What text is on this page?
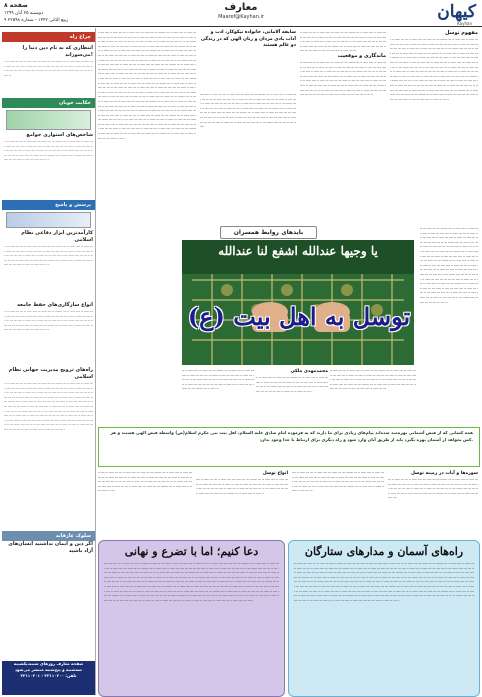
کیهان
Kayhan
معارف
Maaref@Kayhan.ir
صفحه ۸
دوشنبه ۲۵ آبان ۱۳۹۹
۹ ربیع الثانی ۱۴۴۲ - شماره ۲۲۵۹۸
چراغ راه
انتظاری که به نام دین دنیا را می‌سوزاند!
ـــ ـــــ ــ ــــ ـــــ ــ ـــ ـــــــ ـــ ـــ ـــــ ـــ ــــ ـــــ ــ ـــ ـــ ـــــ ــ ــــ ــــ ـــ ــــ ــ ـــــ ـــ ـــ ــــ ـــ ـــــ ــ ــــ ـــ ـــــ ــ ـــ ــــ ـــ ـــــ ـــ ــ ـــ ـــ ــــ ــــــ ـــ ــ ـــ ــــ ـــ ـــ ـــــ ــ ـــ ـــــ ــ ــــ ـــ ـــ ـــ ـــ ــــ
حکایت خوبان
شاخص‌های استواری جوامع
ـــ ـــــ ــ ــــ ـــــ ــ ـــ ـــــــ ـــ ـــ ـــــ ـــ ــــ ـــــ ــ ـــ ـــ ـــــ ــ ــــ ــــ ـــ ــــ ــ ـــــ ـــ ـــ ــــ ـــ ـــــ ــ ــــ ـــ ـــــ ــ ـــ ــــ ـــ ـــــ ـــ ــ ـــ ـــ ــــ ــــــ ـــ ــ ـــ ــــ ـــ ـــ ـــــ ــ ـــ ـــــ ــ ــــ ـــ ـــ ـــ ـــ ــــ ـــ ـــــ ــ ــــ ـــــ ــ ـــ ـــــــ ـــ ـــ ـــــ ـــ ــــ ـــــ ــ ـــ ـــ ـــــ ــ ــــ ــــ ـــ ــــ ــ ـــــ ـــ ـــ ــــ
پرسش و پاسخ
کارآمدترین ابزار دفاعی نظام اسلامی
ـــ ـــــ ــ ــــ ـــــ ــ ـــ ـــــــ ـــ ـــ ـــــ ـــ ــــ ـــــ ــ ـــ ـــ ـــــ ــ ــــ ــــ ـــ ــــ ــ ـــــ ـــ ـــ ــــ ـــ ـــــ ــ ــــ ـــ ـــــ ــ ـــ ــــ ـــ ـــــ ـــ ــ ـــ ـــ ــــ ــــــ ـــ ــ ـــ ــــ ـــ ـــ ـــــ ــ ـــ ـــــ ــ ــــ ـــ ـــ ـــ ـــ ــــ ـــ ـــــ ــ ــــ ـــــ ــ ـــ ـــــــ ـــ ـــ ـــــ ـــ ــــ ـــــ ــ ـــ ـــ ـــــ ــ ــــ ــــ ـــ ــــ ــ ـــــ ـــ ـــ ــــ
انواع سازگاری‌های حفظ جامعه
ـــ ـــــ ــ ــــ ـــــ ــ ـــ ـــــــ ـــ ـــ ـــــ ـــ ــــ ـــــ ــ ـــ ـــ ـــــ ــ ــــ ــــ ـــ ــــ ــ ـــــ ـــ ـــ ــــ ـــ ـــــ ــ ــــ ـــ ـــــ ــ ـــ ــــ ـــ ـــــ ـــ ــ ـــ ـــ ــــ ــــــ ـــ ــ ـــ ــــ ـــ ـــ ـــــ ــ ـــ ـــــ ــ ــــ ـــ ـــ ـــ ـــ ــــ ـــ ـــــ ــ ــــ ـــــ ــ ـــ ـــــــ ـــ ـــ ـــــ ـــ ــــ ـــــ ــ ـــ ـــ ـــــ ــ ــــ ــــ ـــ ــــ ــ ـــــ ـــ ـــ ــــ
راه‌های ترویج مدیریت جهانی نظام اسلامی
ـــ ـــــ ــ ــــ ـــــ ــ ـــ ـــــــ ـــ ـــ ـــــ ـــ ــــ ـــــ ــ ـــ ـــ ـــــ ــ ــــ ــــ ـــ ــــ ــ ـــــ ـــ ـــ ــــ ـــ ـــــ ــ ــــ ـــ ـــــ ــ ـــ ــــ ـــ ـــــ ـــ ــ ـــ ـــ ــــ ــــــ ـــ ــ ـــ ــــ ـــ ـــ ـــــ ــ ـــ ـــــ ــ ــــ ـــ ـــ ـــ ـــ ــــ ـــ ـــــ ــ ــــ ـــــ ــ ـــ ـــــــ ـــ ـــ ـــــ ـــ ــــ ـــــ ــ ـــ ـــ ـــــ ــ ــــ ــــ ـــ ــــ ــ ـــــ ـــ ـــ ــــ ـــ ـــــ ــ ــــ ـــــ ــ ـــ ـــــــ ـــ ـــ ـــــ ـــ ــــ ـــــ ــ ـــ ـــ ـــــ ــ ــــ ــــ ـــ ــــ ــ ـــــ ـــ ـــ ــــ ـــ ـــــ ــ ــــ ـــ ـــــ ــ ـــ ــــ ـــ ـــــ ـــ ــ ـــ ـــ ــــ ــــــ ـــ ــ ـــ ــــ ـــ ـــ ـــــ ــ ـــ ـــــ ــ ــــ ـــ ـــ ـــ ـــ ــــ ـــ ـــــ ــ ــــ ـــــ ــ ـــ ـــــــ ـــ ـــ ـــــ ـــ ــــ ـــــ ــ ـــ ـــ ـــــ ــ ــــ ــــ ـــ ــــ ــ ـــــ ـــ ـــ ــــ ـــ ـــــ ــ ــــ ـــ ـــــ ــ ـــ ــــ ـــ ـــــ ـــ ــ ـــ ـــ ــــ ــــــ ـــ ــ ـــ ــــ ـــ ـــ ـــــ ــ ـــ ـــــ ــ ــــ ـــ ـــ ـــ ـــ ــــ
سلوک عارفانه
اگر دین و ایمان نداشتید انسان‌های آزاد باشید
صفحه معارف روزهای شنبه،یکشنبه
سه‌شنبه و پنج‌شنبه منتشر می‌شود
تلفن: ۳۳۱۱۰۲۰۰ - ۳۳۱۱۰۲۰۱
مفهوم توسل
ـــ ـــــ ــ ــــ ـــــ ــ ـــ ـــــــ ـــ ـــ ـــــ ـــ ــــ ـــــ ــ ـــ ـــ ـــــ ــ ــــ ــــ ـــ ــــ ــ ـــــ ـــ ـــ ــــ ـــ ـــــ ــ ــــ ـــ ـــــ ــ ـــ ــــ ـــ ـــــ ـــ ــ ـــ ـــ ــــ ــــــ ـــ ــ ـــ ــــ ـــ ـــ ـــــ ــ ـــ ـــــ ــ ــــ ـــ ـــ ـــ ـــ ــــ ـــ ـــــ ــ ــــ ـــــ ــ ـــ ـــــــ ـــ ـــ ـــــ ـــ ــــ ـــــ ــ ـــ ـــ ـــــ ــ ــــ ــــ ـــ ــــ ــ ـــــ ـــ ـــ ــــ ـــ ـــــ ــ ــــ ـــــ ــ ـــ ـــــــ ـــ ـــ ـــــ ـــ ــــ ـــــ ــ ـــ ـــ ـــــ ــ ــــ ــــ ـــ ــــ ــ ـــــ ـــ ـــ ــــ ـــ ـــــ ــ ــــ ـــ ـــــ ــ ـــ ــــ ـــ ـــــ ـــ ــ ـــ ـــ ــــ ــــــ ـــ ــ ـــ ــــ ـــ ـــ ـــــ ــ ـــ ـــــ ــ ــــ ـــ ـــ ـــ ـــ ــــ ـــ ـــــ ــ ــــ ـــــ ــ ـــ ـــــــ ـــ ـــ ـــــ ـــ ــــ ـــــ ــ ـــ ـــ ـــــ ــ ــــ ــــ ـــ ــــ ــ ـــــ ـــ ـــ ــــ ـــ ـــــ ــ ــــ ـــ ـــــ ــ ـــ ــــ ـــ ـــــ ـــ ــ ـــ ـــ ــــ ــــــ ـــ ــ ـــ ــــ ـــ ـــ ـــــ ــ ـــ ـــــ ــ ــــ ـــ ـــ ـــ ـــ ــــ ـــ ـــــ ــ ــــ ـــــ ــ ـــ ـــــــ ـــ ـــ ـــــ ـــ ــــ ـــــ ــ ـــ ـــ ـــــ ــ ــــ ــــ ـــ ــــ ــ ـــــ ـــ ـــ ــــ ـــ ـــــ ــ ــــ ـــــ ــ ـــ ـــــــ ـــ ـــ ـــــ ـــ ــــ ـــــ ــ ـــ ـــ ـــــ ــ ــــ ــــ ـــ ــــ ــ ـــــ ـــ ـــ ــــ
ـــ ـــــ ــ ــــ ـــــ ــ ـــ ـــــــ ـــ ـــ ـــــ ـــ ــــ ـــــ ــ ـــ ـــ ـــــ ــ ــــ ــــ ـــ ــــ ــ ـــــ ـــ ـــ ــــ ـــ ـــــ ــ ــــ ـــ ـــــ ــ ـــ ــــ ـــ ـــــ ـــ ــ ـــ ـــ ــــ ــــــ ـــ ــ ـــ ــــ ـــ ـــ ـــــ ــ ـــ ـــــ ــ ــــ ـــ ـــ ـــ ـــ ــــ ـــ ـــــ ــ ــــ ـــــ ــ ـــ ـــــــ ـــ ـــ ـــــ ـــ ــــ ـــــ ــ ـــ ـــ ـــــ ــ ــــ ــــ ـــ ــــ ــ ـــــ ـــ ـــ ــــ
ماندگاری و موقعیت
ـــ ـــــ ــ ــــ ـــــ ــ ـــ ـــــــ ـــ ـــ ـــــ ـــ ــــ ـــــ ــ ـــ ـــ ـــــ ــ ــــ ــــ ـــ ــــ ــ ـــــ ـــ ـــ ــــ ـــ ـــــ ــ ــــ ـــ ـــــ ــ ـــ ــــ ـــ ـــــ ـــ ــ ـــ ـــ ــــ ــــــ ـــ ــ ـــ ــــ ـــ ـــ ـــــ ــ ـــ ـــــ ــ ــــ ـــ ـــ ـــ ـــ ــــ ـــ ـــــ ــ ــــ ـــــ ــ ـــ ـــــــ ـــ ـــ ـــــ ـــ ــــ ـــــ ــ ـــ ـــ ـــــ ــ ــــ ــــ ـــ ــــ ــ ـــــ ـــ ـــ ــــ ـــ ـــــ ــ ــــ ـــــ ــ ـــ ـــــــ ـــ ـــ ـــــ ـــ ــــ ـــــ ــ ـــ ـــ ـــــ ــ ــــ ــــ ـــ ــــ ــ ـــــ ـــ ـــ ــــ ـــ ـــــ ــ ــــ ـــ ـــــ ــ ـــ ــــ ـــ ـــــ ـــ ــ ـــ ـــ ــــ ــــــ ـــ ــ ـــ ــــ ـــ ـــ ـــــ ــ ـــ ـــــ ــ ــــ ـــ ـــ ـــ ـــ ــــ
سابقه آلامانی، خانواده نیکوکار، ادب و آداب یادی مردان و زنان الهی که در زندگی دو عالم هستند
ـــ ـــــ ــ ــــ ـــــ ــ ـــ ـــــــ ـــ ـــ ـــــ ـــ ــــ ـــــ ــ ـــ ـــ ـــــ ــ ــــ ــــ ـــ ــــ ــ ـــــ ـــ ـــ ــــ ـــ ـــــ ــ ــــ ـــ ـــــ ــ ـــ ــــ ـــ ـــــ ـــ ــ ـــ ـــ ــــ ــــــ ـــ ــ ـــ ــــ ـــ ـــ ـــــ ــ ـــ ـــــ ــ ــــ ـــ ـــ ـــ ـــ ــــ ـــ ـــــ ــ ــــ ـــــ ــ ـــ ـــــــ ـــ ـــ ـــــ ـــ ــــ ـــــ ــ ـــ ـــ ـــــ ــ ــــ ــــ ـــ ــــ ــ ـــــ ـــ ـــ ــــ ـــ ـــــ ــ ــــ ـــــ ــ ـــ ـــــــ ـــ ـــ ـــــ ـــ ــــ ـــــ ــ ـــ ـــ ـــــ ــ ــــ ــــ ـــ ــــ ــ ـــــ ـــ ـــ ــــ ـــ ـــــ ــ ــــ ـــ ـــــ ــ ـــ ــــ ـــ ـــــ ـــ ــ ـــ ـــ ــــ ــــــ ـــ ــ ـــ ــــ ـــ ـــ ـــــ ــ ـــ ـــــ ــ ــــ ـــ ـــ ـــ ـــ ــــ
ـــ ـــــ ــ ــــ ـــــ ــ ـــ ـــــــ ـــ ـــ ـــــ ـــ ــــ ـــــ ــ ـــ ـــ ـــــ ــ ــــ ــــ ـــ ــــ ــ ـــــ ـــ ـــ ــــ ـــ ـــــ ــ ــــ ـــ ـــــ ــ ـــ ــــ ـــ ـــــ ـــ ــ ـــ ـــ ــــ ــــــ ـــ ــ ـــ ــــ ـــ ـــ ـــــ ــ ـــ ـــــ ــ ــــ ـــ ـــ ـــ ـــ ــــ ـــ ـــــ ــ ــــ ـــــ ــ ـــ ـــــــ ـــ ـــ ـــــ ـــ ــــ ـــــ ــ ـــ ـــ ـــــ ــ ــــ ــــ ـــ ــــ ــ ـــــ ـــ ـــ ــــ ـــ ـــــ ــ ــــ ـــــ ــ ـــ ـــــــ ـــ ـــ ـــــ ـــ ــــ ـــــ ــ ـــ ـــ ـــــ ــ ــــ ــــ ـــ ــــ ــ ـــــ ـــ ـــ ــــ ـــ ـــــ ــ ــــ ـــ ـــــ ــ ـــ ــــ ـــ ـــــ ـــ ــ ـــ ـــ ــــ ــــــ ـــ ــ ـــ ــــ ـــ ـــ ـــــ ــ ـــ ـــــ ــ ــــ ـــ ـــ ـــ ـــ ــــ ـــ ـــــ ــ ــــ ـــــ ــ ـــ ـــــــ ـــ ـــ ـــــ ـــ ــــ ـــــ ــ ـــ ـــ ـــــ ــ ــــ ــــ ـــ ــــ ــ ـــــ ـــ ـــ ــــ ـــ ـــــ ــ ــــ ـــ ـــــ ــ ـــ ــــ ـــ ـــــ ـــ ــ ـــ ـــ ــــ ــــــ ـــ ــ ـــ ــــ ـــ ـــ ـــــ ــ ـــ ـــــ ــ ــــ ـــ ـــ ـــ ـــ ــــ ـــ ـــــ ــ ــــ ـــــ ــ ـــ ـــــــ ـــ ـــ ـــــ ـــ ــــ ـــــ ــ ـــ ـــ ـــــ ــ ــــ ــــ ـــ ــــ ــ ـــــ ـــ ـــ ــــ ـــ ـــــ ــ ــــ ـــــ ــ ـــ ـــــــ ـــ ـــ ـــــ ـــ ــــ ـــــ ــ ـــ ـــ ـــــ ــ ــــ ــــ ـــ ــــ ــ ـــــ ـــ ـــ ــــ ـــ ـــــ ــ ــــ ـــ ـــــ ــ ـــ ــــ ـــ ـــــ ـــ ــ ـــ ـــ ــــ ــــــ ـــ ــ ـــ ــــ ـــ ـــ ـــــ ــ ـــ ـــــ ــ ــــ ـــ ـــ ـــ ـــ ــــ ـــ ـــــ ــ ــــ ـــــ ــ ـــ ـــــــ ـــ ـــ ـــــ ـــ ــــ ـــــ ــ ـــ ـــ ـــــ ــ ــــ ــــ ـــ ــــ ــ ـــــ ـــ ـــ ــــ ـــ ـــــ ــ ــــ ـــــ ــ ـــ ـــــــ ـــ ـــ ـــــ ـــ ــــ ـــــ ــ ـــ ـــ ـــــ ــ ــــ ــــ ـــ ــــ ــ ـــــ ـــ ـــ ــــ ـــ ـــــ ــ ــــ ـــ ـــــ ــ ـــ ــــ ـــ ـــــ ـــ ــ ـــ ـــ ــــ ــــــ ـــ ــ ـــ ــــ ـــ ـــ ـــــ ــ ـــ ـــــ ــ ــــ ـــ ـــ ـــ ـــ ــــ ـــ ـــــ ــ ــــ ـــــ ــ ـــ ـــــــ ـــ ـــ ـــــ ـــ ــــ ـــــ ــ ـــ ـــ ـــــ ــ ــــ ــــ ـــ ــــ ــ ـــــ ـــ ـــ ــــ ـــ ـــــ ــ ــــ ـــ ـــــ ــ ـــ ــــ ـــ ـــــ ـــ ــ ـــ ـــ ــــ ــــــ ـــ ــ ـــ ــــ ـــ ـــ ـــــ ــ ـــ ـــــ ــ ــــ ـــ ـــ ـــ ـــ ــــ ـــ ـــــ ــ ــــ ـــــ ــ ـــ ـــــــ ـــ ـــ ـــــ ـــ ــــ ـــــ ــ ـــ ـــ ـــــ ــ ــــ ــــ ـــ ــــ ــ ـــــ ـــ ـــ ــــ ـــ ـــــ ــ ــــ ـــــ ــ ـــ ـــــــ ـــ ـــ ـــــ ـــ ــــ ـــــ ــ ـــ ـــ ـــــ ــ ــــ ــــ ـــ ــــ ــ ـــــ ـــ ـــ ــــ
ـــ ـــــ ــ ــــ ـــــ ــ ـــ ـــــــ ـــ ـــ ـــــ ـــ ــــ ـــــ ــ ـــ ـــ ـــــ ــ ــــ ــــ ـــ ــــ ــ ـــــ ـــ ـــ ــــ ـــ ـــــ ــ ــــ ـــ ـــــ ــ ـــ ــــ ـــ ـــــ ـــ ــ ـــ ـــ ــــ ــــــ ـــ ــ ـــ ــــ ـــ ـــ ـــــ ــ ـــ ـــــ ــ ــــ ـــ ـــ ـــ ـــ ــــ ـــ ـــــ ــ ــــ ـــــ ــ ـــ ـــــــ ـــ ـــ ـــــ ـــ ــــ ـــــ ــ ـــ ـــ ـــــ ــ ــــ ــــ ـــ ــــ ــ ـــــ ـــ ـــ ــــ ـــ ـــــ ــ ــــ ـــــ ــ ـــ ـــــــ ـــ ـــ ـــــ ـــ ــــ ـــــ ــ ـــ ـــ ـــــ ــ ــــ ــــ ـــ ــــ ــ ـــــ ـــ ـــ ــــ ـــ ـــــ ــ ــــ ـــ ـــــ ــ ـــ ــــ ـــ ـــــ ـــ ــ ـــ ـــ ــــ ــــــ ـــ ــ ـــ ــــ ـــ ـــ ـــــ ــ ـــ ـــــ ــ ــــ ـــ ـــ ـــ ـــ ــــ ـــ ـــــ ــ ــــ ـــــ ــ ـــ ـــــــ ـــ ـــ ـــــ ـــ ــــ ـــــ ــ ـــ ـــ ـــــ ــ ــــ ــــ ـــ ــــ ــ ـــــ ـــ ـــ ــــ ـــ ـــــ ــ ــــ ـــ ـــــ ــ ـــ ــــ ـــ ـــــ ـــ ــ ـــ ـــ ــــ ــــــ ـــ ــ ـــ ــــ ـــ ـــ ـــــ ــ ـــ ـــــ ــ ــــ ـــ ـــ ـــ ـــ ــــ
بایدهای روابط همسران
یا وجیها عندالله اشفع لنا عندالله
توسل به اهل بیت (ع)
ـــ ـــــ ــ ــــ ـــــ ــ ـــ ـــــــ ـــ ـــ ـــــ ـــ ــــ ـــــ ــ ـــ ـــ ـــــ ــ ــــ ــــ ـــ ــــ ــ ـــــ ـــ ـــ ــــ ـــ ـــــ ــ ــــ ـــ ـــــ ــ ـــ ــــ ـــ ـــــ ـــ ــ ـــ ـــ ــــ ــــــ ـــ ــ ـــ ــــ ـــ ـــ ـــــ ــ ـــ ـــــ ــ ــــ ـــ ـــ ـــ ـــ ــــ ـــ ـــــ ــ ــــ ـــــ ــ ـــ ـــــــ ـــ ـــ ـــــ ـــ ــــ ـــــ ــ ـــ ـــ ـــــ ــ ــــ ــــ ـــ ــــ ــ ـــــ ـــ ـــ ــــ
محمدمهدی ملکی
ـــ ـــــ ــ ــــ ـــــ ــ ـــ ـــــــ ـــ ـــ ـــــ ـــ ــــ ـــــ ــ ـــ ـــ ـــــ ــ ــــ ــــ ـــ ــــ ــ ـــــ ـــ ـــ ــــ ـــ ـــــ ــ ــــ ـــ ـــــ ــ ـــ ــــ ـــ ـــــ ـــ ــ ـــ ـــ ــــ ــــــ ـــ ــ ـــ ــــ ـــ ـــ ـــــ ــ ـــ ـــــ ــ ــــ ـــ ـــ ـــ ـــ ــــ
ـــ ـــــ ــ ــــ ـــــ ــ ـــ ـــــــ ـــ ـــ ـــــ ـــ ــــ ـــــ ــ ـــ ـــ ـــــ ــ ــــ ــــ ـــ ــــ ــ ـــــ ـــ ـــ ــــ ـــ ـــــ ــ ــــ ـــ ـــــ ــ ـــ ــــ ـــ ـــــ ـــ ــ ـــ ـــ ــــ ــــــ ـــ ــ ـــ ــــ ـــ ـــ ـــــ ــ ـــ ـــــ ــ ــــ ـــ ـــ ـــ ـــ ــــ ـــ ـــــ ــ ــــ ـــــ ــ ـــ ـــــــ ـــ ـــ ـــــ
همه کسانی که از فیض آسمانی بهره‌مند شده‌اند پیام‌های زیادی برای ما دارند که به فرموده امام صادق علیه السلام، اهل بیت نبی مکرم اسلام(ص) واسطه فیض الهی هستند و هر کس بخواهد از آسمان بهره بگیرد باید از طریق آنان وارد شود و راه دیگری برای ارتباط با خدا وجود ندارد.
سوره‌ها و آیات در زمینه توسل
ـــ ـــــ ــ ــــ ـــــ ــ ـــ ـــــــ ـــ ـــ ـــــ ـــ ــــ ـــــ ــ ـــ ـــ ـــــ ــ ــــ ــــ ـــ ــــ ــ ـــــ ـــ ـــ ــــ ـــ ـــــ ــ ــــ ـــ ـــــ ــ ـــ ــــ ـــ ـــــ ـــ ــ ـــ ـــ ــــ ــــــ ـــ ــ ـــ ــــ ـــ ـــ ـــــ ــ ـــ ـــــ ــ ــــ ـــ ـــ ـــ ـــ ــــ ـــ ـــــ ــ ــــ ـــــ ــ ـــ ـــــــ ـــ ـــ ـــــ ـــ ــــ ـــــ ــ ـــ ـــ ـــــ ــ ــــ ــــ
ـــ ـــــ ــ ــــ ـــــ ــ ـــ ـــــــ ـــ ـــ ـــــ ـــ ــــ ـــــ ــ ـــ ـــ ـــــ ــ ــــ ــــ ـــ ــــ ــ ـــــ ـــ ـــ ــــ ـــ ـــــ ــ ــــ ـــ ـــــ ــ ـــ ــــ ـــ ـــــ ـــ ــ ـــ ـــ ــــ ــــــ ـــ ــ ـــ ــــ ـــ ـــ ـــــ ــ ـــ ـــــ ــ ــــ ـــ ـــ ـــ ـــ ــــ ـــ ـــــ ــ ــــ ـــــ ــ ـــ ـــــــ ـــ ـــ ـــــ ـــ ــــ ـــــ ــ ـــ ـــ ـــــ ــ ــــ ــــ ـــ ــــ ــ ـــــ
انواع توسل
ـــ ـــــ ــ ــــ ـــــ ــ ـــ ـــــــ ـــ ـــ ـــــ ـــ ــــ ـــــ ــ ـــ ـــ ـــــ ــ ــــ ــــ ـــ ــــ ــ ـــــ ـــ ـــ ــــ ـــ ـــــ ــ ــــ ـــ ـــــ ــ ـــ ــــ ـــ ـــــ ـــ ــ ـــ ـــ ــــ ــــــ ـــ ــ ـــ ــــ ـــ ـــ ـــــ ــ ـــ ـــــ ــ ــــ ـــ ـــ ـــ ـــ ــــ ـــ ـــــ ــ ــــ ـــــ ــ ـــ ـــــــ ـــ ـــ ـــــ ـــ ــــ ـــــ ــ
ـــ ـــــ ــ ــــ ـــــ ــ ـــ ـــــــ ـــ ـــ ـــــ ـــ ــــ ـــــ ــ ـــ ـــ ـــــ ــ ــــ ــــ ـــ ــــ ــ ـــــ ـــ ـــ ــــ ـــ ـــــ ــ ــــ ـــ ـــــ ــ ـــ ــــ ـــ ـــــ ـــ ــ ـــ ـــ ــــ ــــــ ـــ ــ ـــ ــــ ـــ ـــ ـــــ ــ ـــ ـــــ ــ ــــ ـــ ـــ ـــ ـــ ــــ ـــ ـــــ ــ ــــ ـــــ ــ ـــ ـــــــ ـــ ـــ ـــــ ـــ ــــ ـــــ ــ ـــ ـــ ـــــ ــ ــــ ــــ ـــ ــــ ــ ـــــ ـــ
دعا کنیم؛ اما با تضرع و نهانی
ـــ ـــــ ــ ــــ ـــــ ــ ـــ ـــــــ ـــ ـــ ـــــ ـــ ــــ ـــــ ــ ـــ ـــ ـــــ ــ ــــ ــــ ـــ ــــ ــ ـــــ ـــ ـــ ــــ ـــ ـــــ ــ ــــ ـــ ـــــ ــ ـــ ــــ ـــ ـــــ ـــ ــ ـــ ـــ ــــ ــــــ ـــ ــ ـــ ــــ ـــ ـــ ـــــ ــ ـــ ـــــ ــ ــــ ـــ ـــ ـــ ـــ ــــ ـــ ـــــ ــ ــــ ـــــ ــ ـــ ـــــــ ـــ ـــ ـــــ ـــ ــــ ـــــ ــ ـــ ـــ ـــــ ــ ــــ ــــ ـــ ــــ ــ ـــــ ـــ ـــ ــــ ـــ ـــــ ــ ــــ ـــــ ــ ـــ ـــــــ ـــ ـــ ـــــ ـــ ــــ ـــــ ــ ـــ ـــ ـــــ ــ ــــ ــــ ـــ ــــ ــ ـــــ ـــ ـــ ــــ ـــ ـــــ ــ ــــ ـــ ـــــ ــ ـــ ــــ ـــ ـــــ ـــ ــ ـــ ـــ ــــ ــــــ ـــ ــ ـــ ــــ ـــ ـــ ـــــ ــ ـــ ـــــ ــ ــــ ـــ ـــ ـــ ـــ ــــ ـــ ـــــ ــ ــــ ـــــ ــ ـــ ـــــــ ـــ ـــ ـــــ ـــ ــــ ـــــ ــ ـــ ـــ ـــــ ــ ــــ ــــ ـــ ــــ ــ ـــــ ـــ ـــ ــــ ـــ ـــــ ــ ــــ ـــ ـــــ ــ ـــ ــــ ـــ ـــــ ـــ ــ ـــ ـــ ــــ ــــــ ـــ ــ ـــ ــــ ـــ ـــ ـــــ ــ ـــ ـــــ ــ ــــ ـــ ـــ ـــ ـــ ــــ ـــ ـــــ ــ ــــ ـــــ ــ ـــ ـــــــ ـــ ـــ ـــــ ـــ ــــ ـــــ ــ ـــ ـــ ـــــ ــ ــــ ــــ ـــ ــــ ــ ـــــ ـــ ـــ ــــ ـــ ـــــ ــ ــــ ـــــ ــ ـــ ـــــــ ـــ ـــ ـــــ ـــ ــــ ـــــ ــ ـــ ـــ ـــــ ــ ــــ ــــ ـــ ــــ ــ ـــــ ـــ ـــ ــــ ـــ ـــــ ــ ــــ ـــ ـــــ ــ ـــ ــــ ـــ ـــــ ـــ ــ ـــ ـــ ــــ ــــــ ـــ ــ ـــ ــــ ـــ ـــ ـــــ ــ ـــ ـــــ ــ ــــ ـــ ـــ ـــ ـــ ــــ ـــ ـــــ ــ ــــ ـــــ ــ ـــ ـــــــ ـــ ـــ ـــــ ـــ ــــ ـــــ ــ ـــ ـــ ـــــ ــ ــــ ــــ ـــ ــــ ــ ـــــ ـــ ـــ ــــ ـــ ـــــ ــ ــــ ـــ ـــــ ــ ـــ ــــ ـــ ـــــ ـــ ــ ـــ ـــ ــــ
راه‌های آسمان و مدارهای ستارگان
ـــ ـــــ ــ ــــ ـــــ ــ ـــ ـــــــ ـــ ـــ ـــــ ـــ ــــ ـــــ ــ ـــ ـــ ـــــ ــ ــــ ــــ ـــ ــــ ــ ـــــ ـــ ـــ ــــ ـــ ـــــ ــ ــــ ـــ ـــــ ــ ـــ ــــ ـــ ـــــ ـــ ــ ـــ ـــ ــــ ــــــ ـــ ــ ـــ ــــ ـــ ـــ ـــــ ــ ـــ ـــــ ــ ــــ ـــ ـــ ـــ ـــ ــــ ـــ ـــــ ــ ــــ ـــــ ــ ـــ ـــــــ ـــ ـــ ـــــ ـــ ــــ ـــــ ــ ـــ ـــ ـــــ ــ ــــ ــــ ـــ ــــ ــ ـــــ ـــ ـــ ــــ ـــ ـــــ ــ ــــ ـــــ ــ ـــ ـــــــ ـــ ـــ ـــــ ـــ ــــ ـــــ ــ ـــ ـــ ـــــ ــ ــــ ــــ ـــ ــــ ــ ـــــ ـــ ـــ ــــ ـــ ـــــ ــ ــــ ـــ ـــــ ــ ـــ ــــ ـــ ـــــ ـــ ــ ـــ ـــ ــــ ــــــ ـــ ــ ـــ ــــ ـــ ـــ ـــــ ــ ـــ ـــــ ــ ــــ ـــ ـــ ـــ ـــ ــــ ـــ ـــــ ــ ــــ ـــــ ــ ـــ ـــــــ ـــ ـــ ـــــ ـــ ــــ ـــــ ــ ـــ ـــ ـــــ ــ ــــ ــــ ـــ ــــ ــ ـــــ ـــ ـــ ــــ ـــ ـــــ ــ ــــ ـــ ـــــ ــ ـــ ــــ ـــ ـــــ ـــ ــ ـــ ـــ ــــ ــــــ ـــ ــ ـــ ــــ ـــ ـــ ـــــ ــ ـــ ـــــ ــ ــــ ـــ ـــ ـــ ـــ ــــ ـــ ـــــ ــ ــــ ـــــ ــ ـــ ـــــــ ـــ ـــ ـــــ ـــ ــــ ـــــ ــ ـــ ـــ ـــــ ــ ــــ ــــ ـــ ــــ ــ ـــــ ـــ ـــ ــــ ـــ ـــــ ــ ــــ ـــــ ــ ـــ ـــــــ ـــ ـــ ـــــ ـــ ــــ ـــــ ــ ـــ ـــ ـــــ ــ ــــ ــــ ـــ ــــ ــ ـــــ ـــ ـــ ــــ ـــ ـــــ ــ ــــ ـــ ـــــ ــ ـــ ــــ ـــ ـــــ ـــ ــ ـــ ـــ ــــ ــــــ ـــ ــ ـــ ــــ ـــ ـــ ـــــ ــ ـــ ـــــ ــ ــــ ـــ ـــ ـــ ـــ ــــ ـــ ـــــ ــ ــــ ـــــ ــ ـــ ـــــــ ـــ ـــ ـــــ ـــ ــــ ـــــ ــ ـــ ـــ ـــــ ــ ــــ ــــ ـــ ــــ ــ ـــــ ـــ ـــ ــــ ـــ ـــــ ــ ــــ ـــ ـــــ ــ ـــ ــــ ـــ ـــــ ـــ ــ ـــ ـــ ــــ
